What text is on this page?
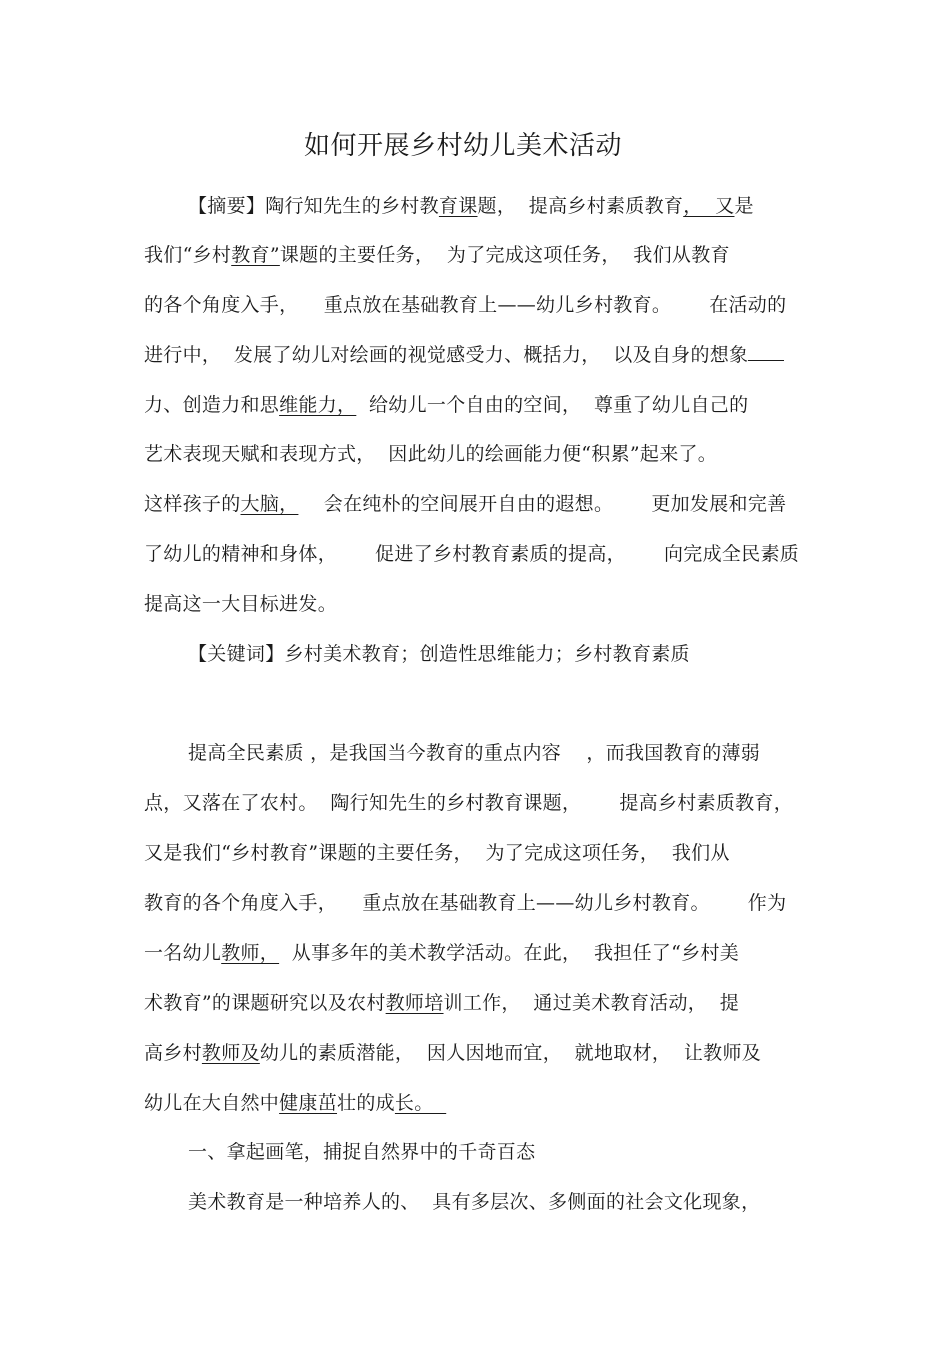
如何开展乡村幼儿美术活动
【摘要】陶行知先生的乡村教育课题，  提高乡村素质教育，  又是
我们“乡村教育”课题的主要任务，  为了完成这项任务，  我们从教育
的各个角度入手，    重点放在基础教育上——幼儿乡村教育。      在活动的
进行中，  发展了幼儿对绘画的视觉感受力、概括力，  以及自身的想象
力、创造力和思维能力，  给幼儿一个自由的空间，  尊重了幼儿自己的
艺术表现天赋和表现方式，  因此幼儿的绘画能力便“积累”起来了。
这样孩子的大脑，    会在纯朴的空间展开自由的遐想。      更加发展和完善
了幼儿的精神和身体，      促进了乡村教育素质的提高，      向完成全民素质
提高这一大目标进发。
【关键词】乡村美术教育；创造性思维能力；乡村教育素质
提高全民素质 ，是我国当今教育的重点内容    ，而我国教育的薄弱
点，又落在了农村。  陶行知先生的乡村教育课题，      提高乡村素质教育，
又是我们“乡村教育”课题的主要任务，  为了完成这项任务，  我们从
教育的各个角度入手，    重点放在基础教育上——幼儿乡村教育。      作为
一名幼儿教师，  从事多年的美术教学活动。在此，  我担任了“乡村美
术教育”的课题研究以及农村教师培训工作，  通过美术教育活动，  提
高乡村教师及幼儿的素质潜能，  因人因地而宜，  就地取材，  让教师及
幼儿在大自然中健康茁壮的成长。
一、拿起画笔，捕捉自然界中的千奇百态
美术教育是一种培养人的、  具有多层次、多侧面的社会文化现象，
